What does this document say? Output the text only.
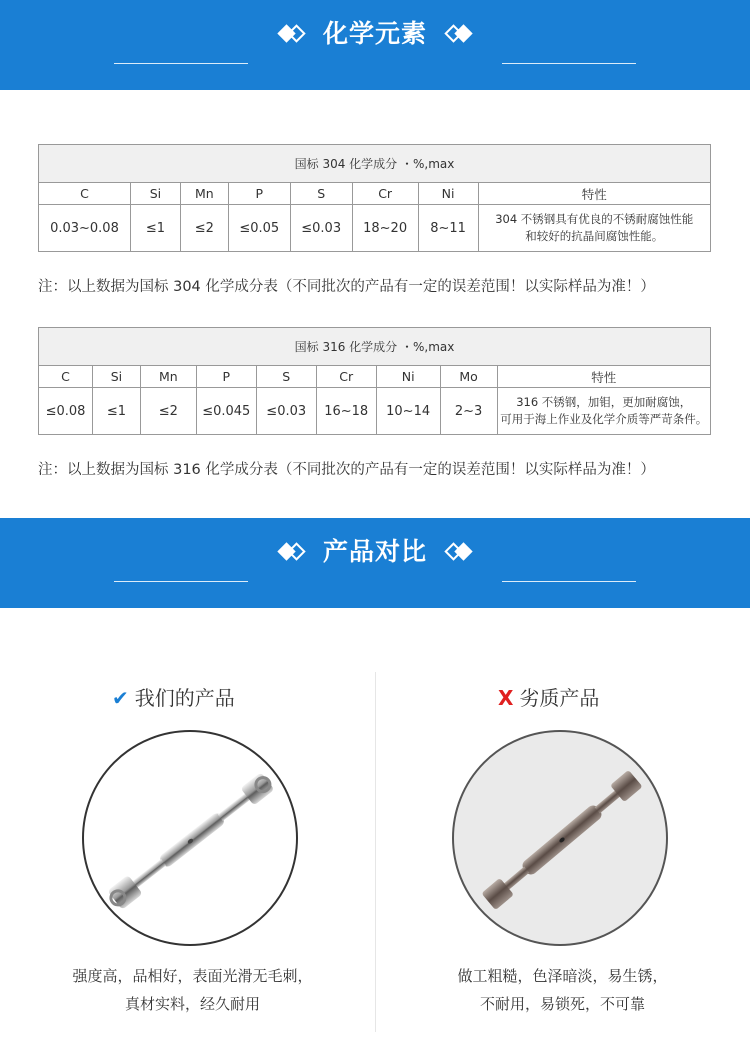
化学元素
国标 304 化学成分 ・%,max							
C	Si	Mn	P	S	Cr	Ni	特性
0.03~0.08	≤1	≤2	≤0.05	≤0.03	18~20	8~11	304 不锈钢具有优良的不锈耐腐蚀性能
和较好的抗晶间腐蚀性能。
注：以上数据为国标 304 化学成分表（不同批次的产品有一定的误差范围！以实际样品为准！）
国标 316 化学成分 ・%,max								
C	Si	Mn	P	S	Cr	Ni	Mo	特性
≤0.08	≤1	≤2	≤0.045	≤0.03	16~18	10~14	2~3	316 不锈钢，加钼，更加耐腐蚀，
可用于海上作业及化学介质等严苛条件。
注：以上数据为国标 316 化学成分表（不同批次的产品有一定的误差范围！以实际样品为准！）
产品对比
✔ 我们的产品
强度高，品相好，表面光滑无毛刺，
真材实料，经久耐用
X 劣质产品
做工粗糙，色泽暗淡，易生锈，
不耐用，易锁死，不可靠
